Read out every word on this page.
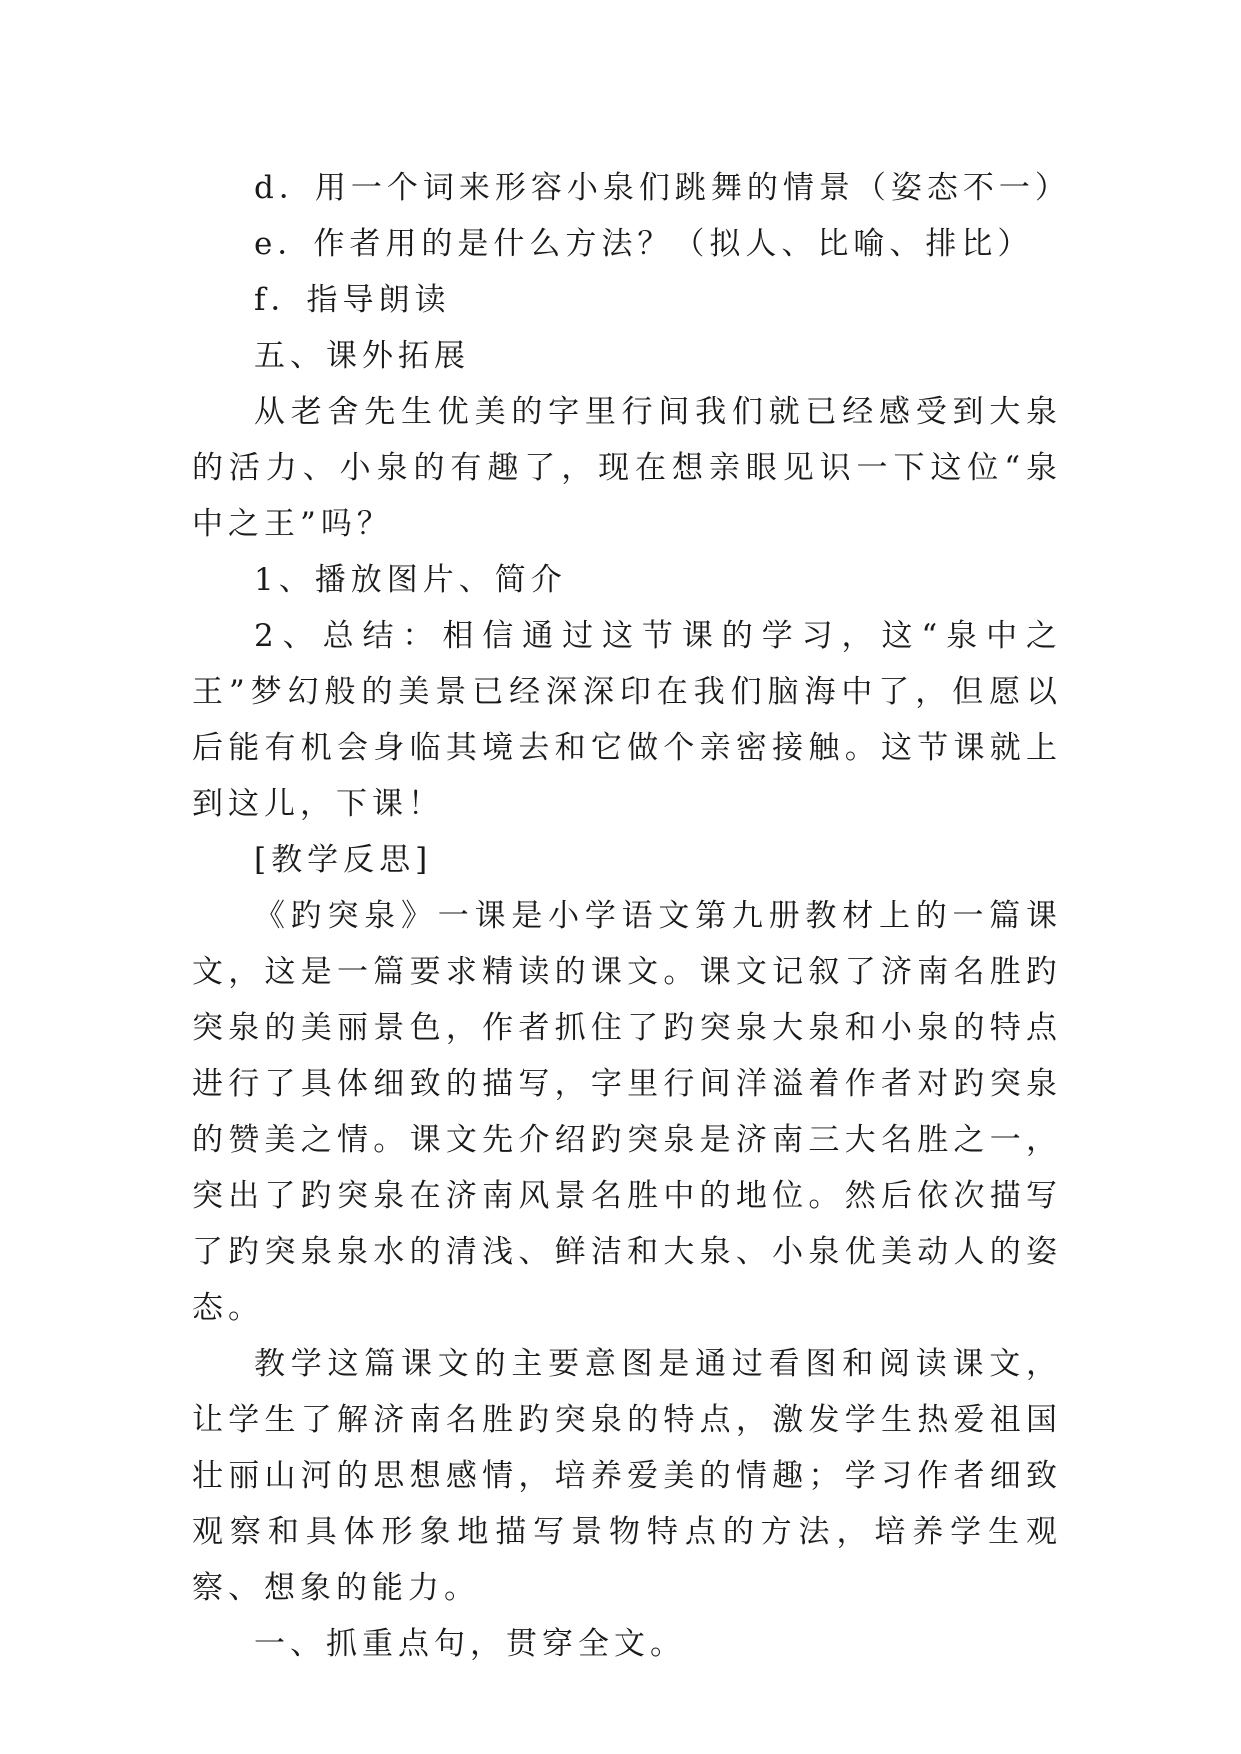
d．用一个词来形容小泉们跳舞的情景（姿态不一）

e．作者用的是什么方法？（拟人、比喻、排比）

f．指导朗读

五、课外拓展

从老舍先生优美的字里行间我们就已经感受到大泉的活力、小泉的有趣了，现在想亲眼见识一下这位“泉中之王”吗？

1、播放图片、简介

2、总结：相信通过这节课的学习，这“泉中之王”梦幻般的美景已经深深印在我们脑海中了，但愿以后能有机会身临其境去和它做个亲密接触。这节课就上到这儿，下课！

[教学反思]

《趵突泉》一课是小学语文第九册教材上的一篇课文，这是一篇要求精读的课文。课文记叙了济南名胜趵突泉的美丽景色，作者抓住了趵突泉大泉和小泉的特点进行了具体细致的描写，字里行间洋溢着作者对趵突泉的赞美之情。课文先介绍趵突泉是济南三大名胜之一，突出了趵突泉在济南风景名胜中的地位。然后依次描写了趵突泉泉水的清浅、鲜洁和大泉、小泉优美动人的姿态。

教学这篇课文的主要意图是通过看图和阅读课文，让学生了解济南名胜趵突泉的特点，激发学生热爱祖国壮丽山河的思想感情，培养爱美的情趣；学习作者细致观察和具体形象地描写景物特点的方法，培养学生观察、想象的能力。

一、抓重点句，贯穿全文。
